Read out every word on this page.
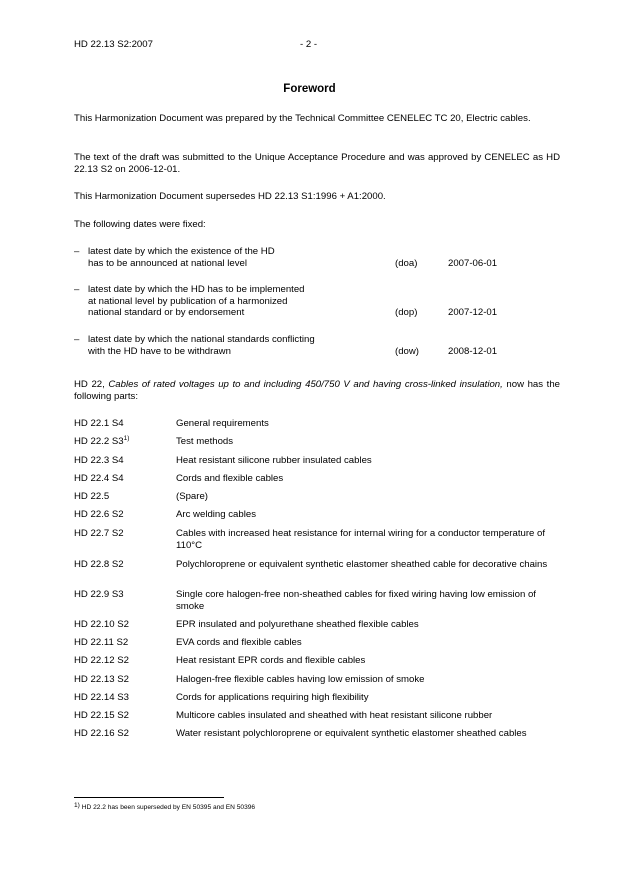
HD 22.13 S2:2007	- 2 -
Foreword
This Harmonization Document was prepared by the Technical Committee CENELEC TC 20, Electric cables.
The text of the draft was submitted to the Unique Acceptance Procedure and was approved by CENELEC as HD 22.13 S2 on 2006-12-01.
This Harmonization Document supersedes HD 22.13 S1:1996 + A1:2000.
The following dates were fixed:
– latest date by which the existence of the HD
has to be announced at national level	(doa)	2007-06-01
– latest date by which the HD has to be implemented
at national level by publication of a harmonized
national standard or by endorsement	(dop)	2007-12-01
– latest date by which the national standards conflicting
with the HD have to be withdrawn	(dow)	2008-12-01
HD 22, Cables of rated voltages up to and including 450/750 V and having cross-linked insulation, now has the following parts:
HD 22.1 S4	General requirements
HD 22.2 S3$^{1)}$	Test methods
HD 22.3 S4	Heat resistant silicone rubber insulated cables
HD 22.4 S4	Cords and flexible cables
HD 22.5	(Spare)
HD 22.6 S2	Arc welding cables
HD 22.7 S2	Cables with increased heat resistance for internal wiring for a conductor temperature of 110°C
HD 22.8 S2	Polychloroprene or equivalent synthetic elastomer sheathed cable for decorative chains
HD 22.9 S3	Single core halogen-free non-sheathed cables for fixed wiring having low emission of smoke
HD 22.10 S2	EPR insulated and polyurethane sheathed flexible cables
HD 22.11 S2	EVA cords and flexible cables
HD 22.12 S2	Heat resistant EPR cords and flexible cables
HD 22.13 S2	Halogen-free flexible cables having low emission of smoke
HD 22.14 S3	Cords for applications requiring high flexibility
HD 22.15 S2	Multicore cables insulated and sheathed with heat resistant silicone rubber
HD 22.16 S2	Water resistant polychloroprene or equivalent synthetic elastomer sheathed cables
$^{1)}$ HD 22.2 has been superseded by EN 50395 and EN 50396
